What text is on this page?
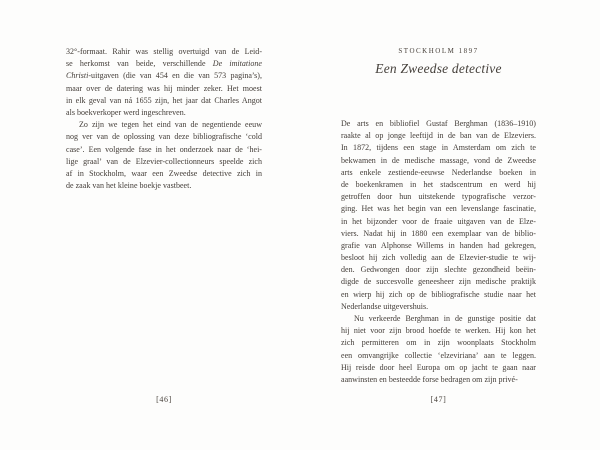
32°-formaat. Rahir was stellig overtuigd van de Leid-
se herkomst van beide, verschillende De imitatione
Christi-uitgaven (die van 454 en die van 573 pagina’s),
maar over de datering was hij minder zeker. Het moest
in elk geval van ná 1655 zijn, het jaar dat Charles Angot
als boekverkoper werd ingeschreven.
Zo zijn we tegen het eind van de negentiende eeuw
nog ver van de oplossing van deze bibliografische ‘cold
case’. Een volgende fase in het onderzoek naar de ‘hei-
lige graal’ van de Elzevier-collectionneurs speelde zich
af in Stockholm, waar een Zweedse detective zich in
de zaak van het kleine boekje vastbeet.
[46]
STOCKHOLM 1897
Een Zweedse detective
De arts en bibliofiel Gustaf Berghman (1836–1910)
raakte al op jonge leeftijd in de ban van de Elzeviers.
In 1872, tijdens een stage in Amsterdam om zich te
bekwamen in de medische massage, vond de Zweedse
arts enkele zestiende-eeuwse Nederlandse boeken in
de boekenkramen in het stadscentrum en werd hij
getroffen door hun uitstekende typografische verzor-
ging. Het was het begin van een levenslange fascinatie,
in het bijzonder voor de fraaie uitgaven van de Elze-
viers. Nadat hij in 1880 een exemplaar van de biblio-
grafie van Alphonse Willems in handen had gekregen,
besloot hij zich volledig aan de Elzevier-studie te wij-
den. Gedwongen door zijn slechte gezondheid beëin-
digde de succesvolle geneesheer zijn medische praktijk
en wierp hij zich op de bibliografische studie naar het
Nederlandse uitgevershuis.
Nu verkeerde Berghman in de gunstige positie dat
hij niet voor zijn brood hoefde te werken. Hij kon het
zich permitteren om in zijn woonplaats Stockholm
een omvangrijke collectie ‘elzeviriana’ aan te leggen.
Hij reisde door heel Europa om op jacht te gaan naar
aanwinsten en besteedde forse bedragen om zijn privé-
[47]
